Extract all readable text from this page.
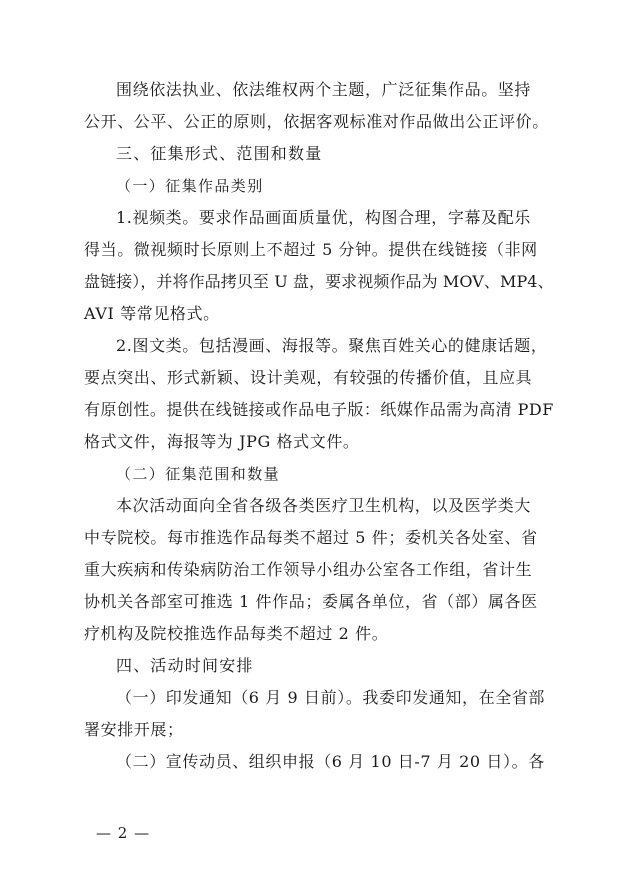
围绕依法执业、依法维权两个主题，广泛征集作品。坚持
公开、公平、公正的原则，依据客观标准对作品做出公正评价。
三、征集形式、范围和数量
（一）征集作品类别
1.视频类。要求作品画面质量优，构图合理，字幕及配乐
得当。微视频时长原则上不超过 5 分钟。提供在线链接（非网
盘链接），并将作品拷贝至 U 盘，要求视频作品为 MOV、MP4、
AVI 等常见格式。
2.图文类。包括漫画、海报等。聚焦百姓关心的健康话题，
要点突出、形式新颖、设计美观，有较强的传播价值，且应具
有原创性。提供在线链接或作品电子版：纸媒作品需为高清 PDF
格式文件，海报等为 JPG 格式文件。
（二）征集范围和数量
本次活动面向全省各级各类医疗卫生机构，以及医学类大
中专院校。每市推选作品每类不超过 5 件；委机关各处室、省
重大疾病和传染病防治工作领导小组办公室各工作组，省计生
协机关各部室可推选 1 件作品；委属各单位，省（部）属各医
疗机构及院校推选作品每类不超过 2 件。
四、活动时间安排
（一）印发通知（6 月 9 日前）。我委印发通知，在全省部
署安排开展；
（二）宣传动员、组织申报（6 月 10 日-7 月 20 日）。各
— 2 —
